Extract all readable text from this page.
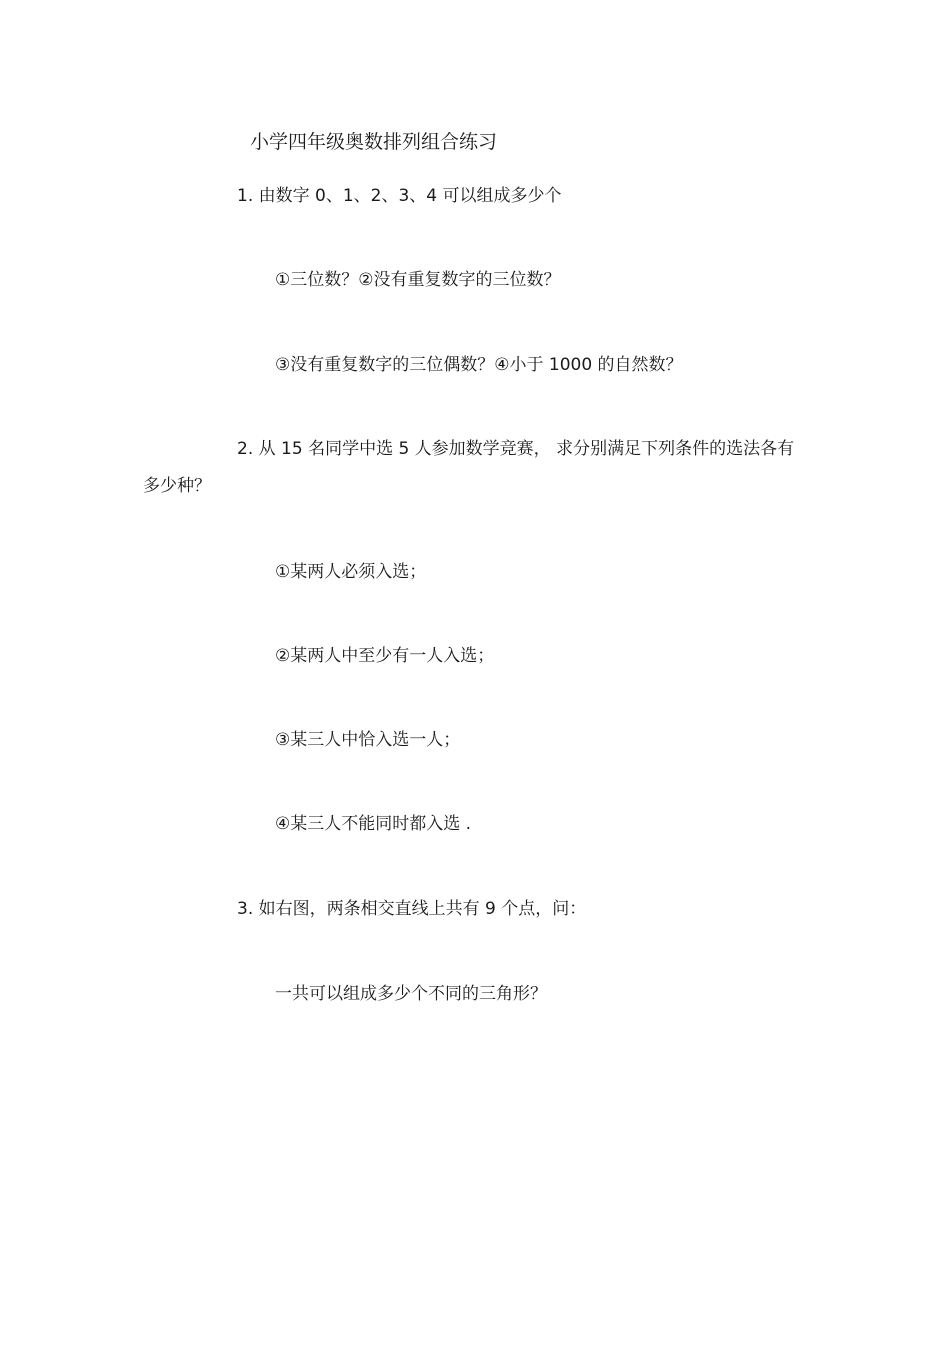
小学四年级奥数排列组合练习
1. 由数字 0、1、2、3、4 可以组成多少个
①三位数？②没有重复数字的三位数？
③没有重复数字的三位偶数？④小于 1000 的自然数？
2. 从 15 名同学中选 5 人参加数学竞赛， 求分别满足下列条件的选法各有
多少种？
①某两人必须入选；
②某两人中至少有一人入选；
③某三人中恰入选一人；
④某三人不能同时都入选 .
3. 如右图，两条相交直线上共有 9 个点，问：
一共可以组成多少个不同的三角形？
